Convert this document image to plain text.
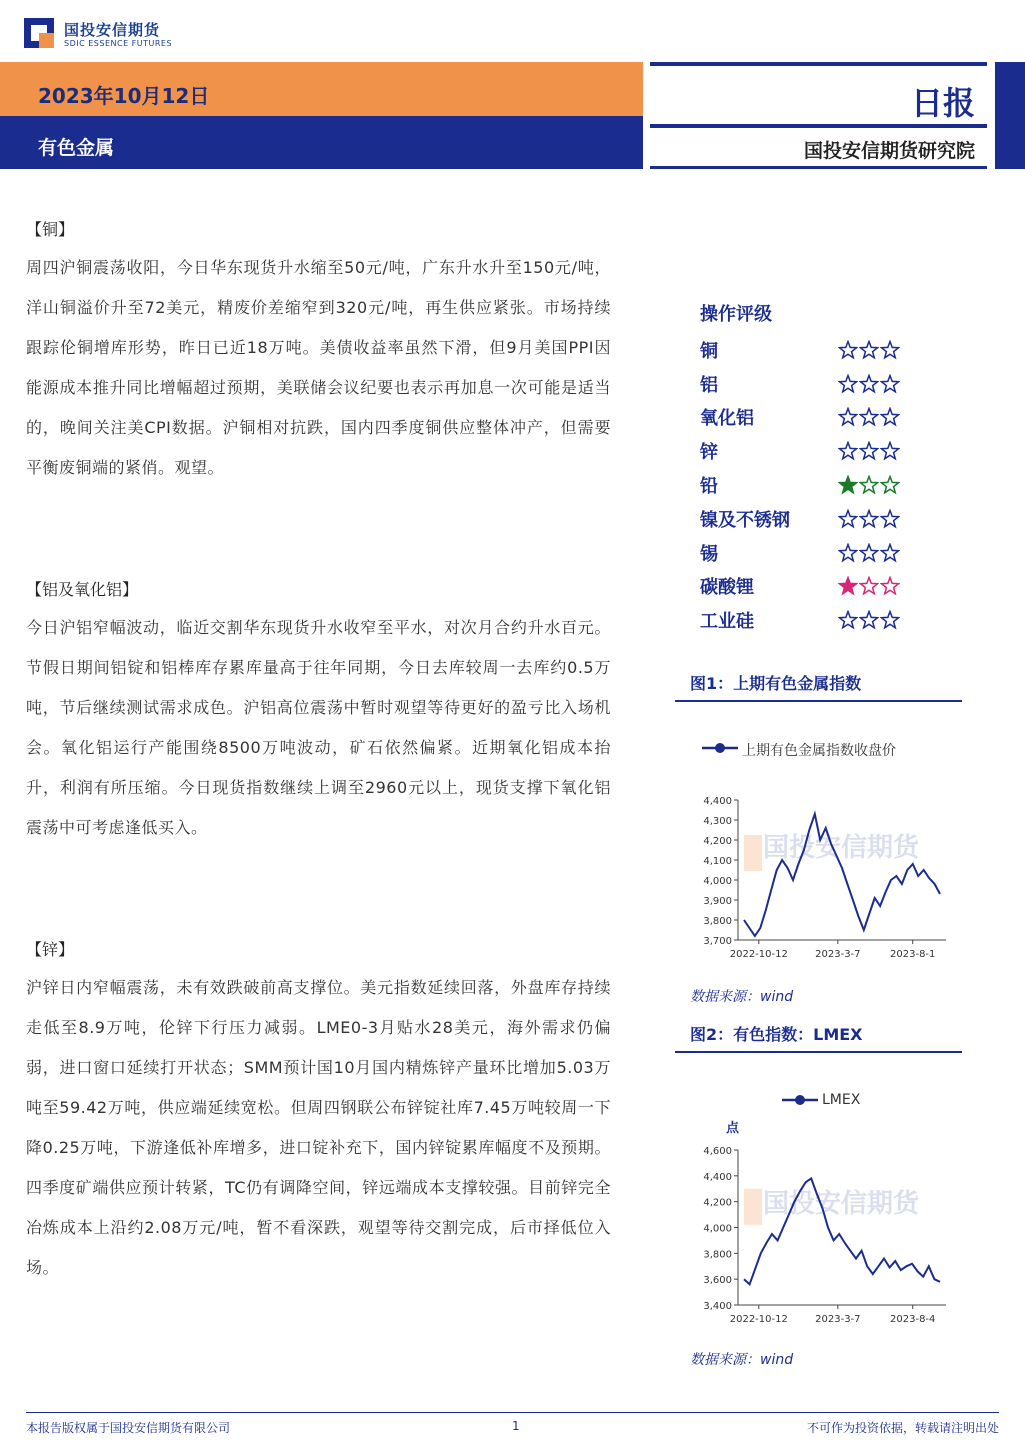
国投安信期货
SDIC ESSENCE FUTURES
2023年10月12日
有色金属
日报
国投安信期货研究院
【铜】
周四沪铜震荡收阳，今日华东现货升水缩至50元/吨，广东升水升至150元/吨，洋山铜溢价升至72美元，精废价差缩窄到320元/吨，再生供应紧张。市场持续跟踪伦铜增库形势，昨日已近18万吨。美债收益率虽然下滑，但9月美国PPI因能源成本推升同比增幅超过预期，美联储会议纪要也表示再加息一次可能是适当的，晚间关注美CPI数据。沪铜相对抗跌，国内四季度铜供应整体冲产，但需要平衡废铜端的紧俏。观望。
【铝及氧化铝】
今日沪铝窄幅波动，临近交割华东现货升水收窄至平水，对次月合约升水百元。节假日期间铝锭和铝棒库存累库量高于往年同期，今日去库较周一去库约0.5万吨，节后继续测试需求成色。沪铝高位震荡中暂时观望等待更好的盈亏比入场机会。氧化铝运行产能围绕8500万吨波动，矿石依然偏紧。近期氧化铝成本抬升，利润有所压缩。今日现货指数继续上调至2960元以上，现货支撑下氧化铝震荡中可考虑逢低买入。
【锌】
沪锌日内窄幅震荡，未有效跌破前高支撑位。美元指数延续回落，外盘库存持续走低至8.9万吨，伦锌下行压力减弱。LME0-3月贴水28美元，海外需求仍偏弱，进口窗口延续打开状态；SMM预计国10月国内精炼锌产量环比增加5.03万吨至59.42万吨，供应端延续宽松。但周四钢联公布锌锭社库7.45万吨较周一下降0.25万吨，下游逢低补库增多，进口锭补充下，国内锌锭累库幅度不及预期。四季度矿端供应预计转紧，TC仍有调降空间，锌远端成本支撑较强。目前锌完全冶炼成本上沿约2.08万元/吨，暂不看深跌，观望等待交割完成，后市择低位入场。
操作评级
铜
铝
氧化铝
锌
铅
镍及不锈钢
锡
碳酸锂
工业硅
图1：上期有色金属指数
上期有色金属指数收盘价
国投安信期货
4,400
4,300
4,200
4,100
4,000
3,900
3,800
3,700
2022-10-12	2023-3-7	2023-8-1
数据来源：wind
图2：有色指数：LMEX
LMEX
点
国投安信期货
4,600
4,400
4,200
4,000
3,800
3,600
3,400
2022-10-12	2023-3-7	2023-8-4
数据来源：wind
本报告版权属于国投安信期货有限公司	1	不可作为投资依据，转载请注明出处
